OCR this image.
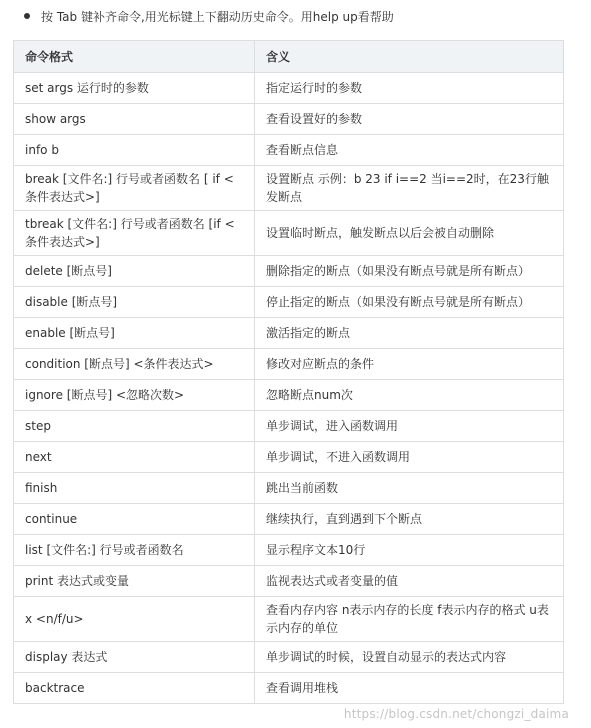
按 Tab 键补齐命令,用光标键上下翻动历史命令。用help up看帮助
命令格式	含义
set args 运行时的参数	指定运行时的参数
show args	查看设置好的参数
info b	查看断点信息
break [文件名:] 行号或者函数名 [ if <条件表达式>]	设置断点 示例：b 23 if i==2 当i==2时，在23行触发断点
tbreak [文件名:] 行号或者函数名 [if <条件表达式>]	设置临时断点，触发断点以后会被自动删除
delete [断点号]	删除指定的断点（如果没有断点号就是所有断点）
disable [断点号]	停止指定的断点（如果没有断点号就是所有断点）
enable [断点号]	激活指定的断点
condition [断点号] <条件表达式>	修改对应断点的条件
ignore [断点号] <忽略次数>	忽略断点num次
step	单步调试，进入函数调用
next	单步调试，不进入函数调用
finish	跳出当前函数
continue	继续执行，直到遇到下个断点
list [文件名:] 行号或者函数名	显示程序文本10行
print 表达式或变量	监视表达式或者变量的值
x <n/f/u>	查看内存内容 n表示内存的长度 f表示内存的格式 u表示内存的单位
display 表达式	单步调试的时候，设置自动显示的表达式内容
backtrace	查看调用堆栈
https://blog.csdn.net/chongzi_daima
